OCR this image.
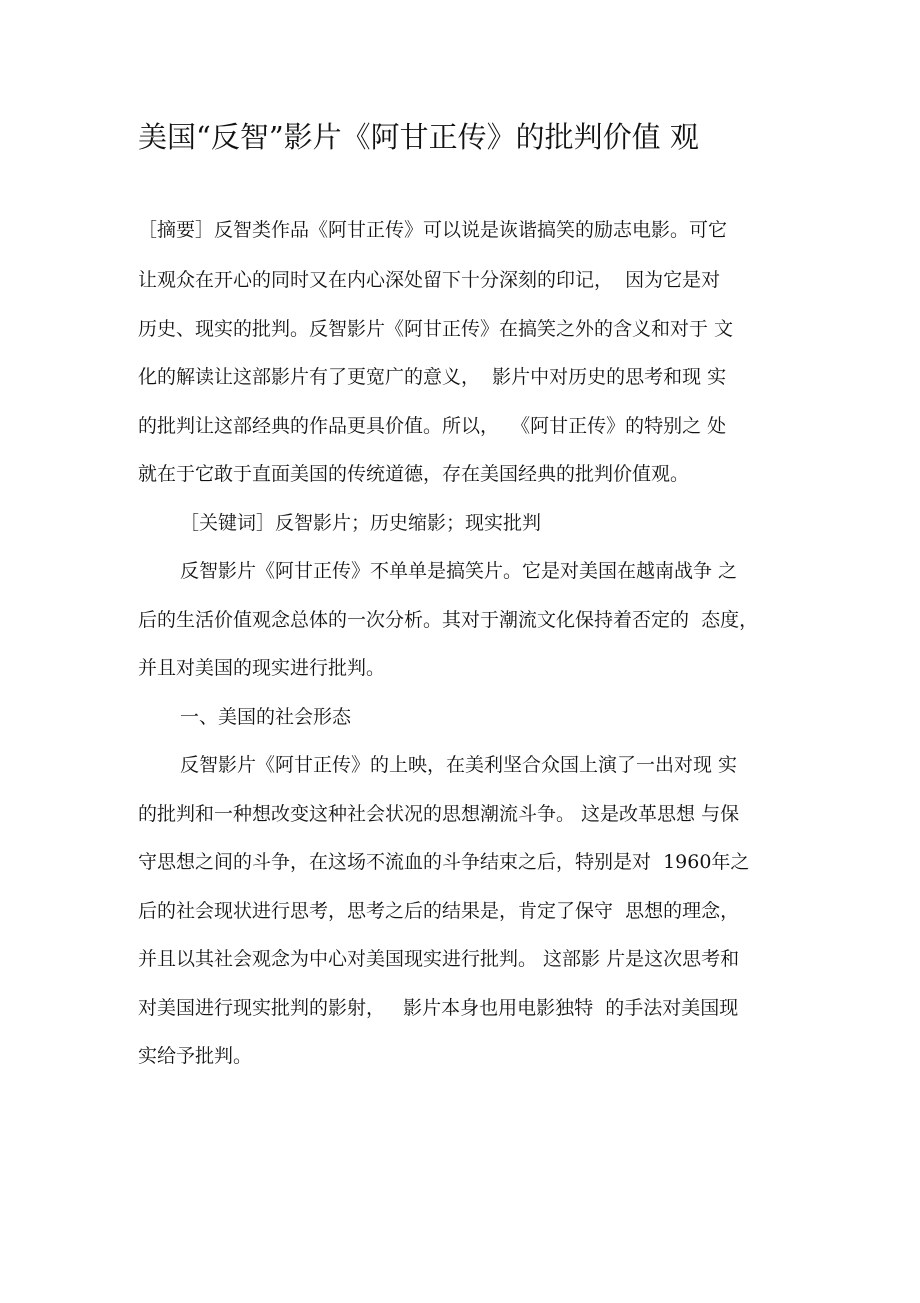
美国“反智”影片《阿甘正传》的批判价值 观
［摘要］反智类作品《阿甘正传》可以说是诙谐搞笑的励志电影。可它
让观众在开心的同时又在内心深处留下十分深刻的印记，  因为它是对
历史、现实的批判。反智影片《阿甘正传》在搞笑之外的含义和对于 文
化的解读让这部影片有了更宽广的意义，  影片中对历史的思考和现 实
的批判让这部经典的作品更具价值。所以，  《阿甘正传》的特别之 处
就在于它敢于直面美国的传统道德，存在美国经典的批判价值观。
［关键词］反智影片；历史缩影；现实批判
反智影片《阿甘正传》不单单是搞笑片。它是对美国在越南战争 之
后的生活价值观念总体的一次分析。其对于潮流文化保持着否定的  态度，
并且对美国的现实进行批判。
一、美国的社会形态
反智影片《阿甘正传》的上映，在美利坚合众国上演了一出对现 实
的批判和一种想改变这种社会状况的思想潮流斗争。 这是改革思想 与保
守思想之间的斗争，在这场不流血的斗争结束之后，特别是对  1960年之
后的社会现状进行思考，思考之后的结果是，肯定了保守  思想的理念，
并且以其社会观念为中心对美国现实进行批判。 这部影 片是这次思考和
对美国进行现实批判的影射，   影片本身也用电影独特  的手法对美国现
实给予批判。
